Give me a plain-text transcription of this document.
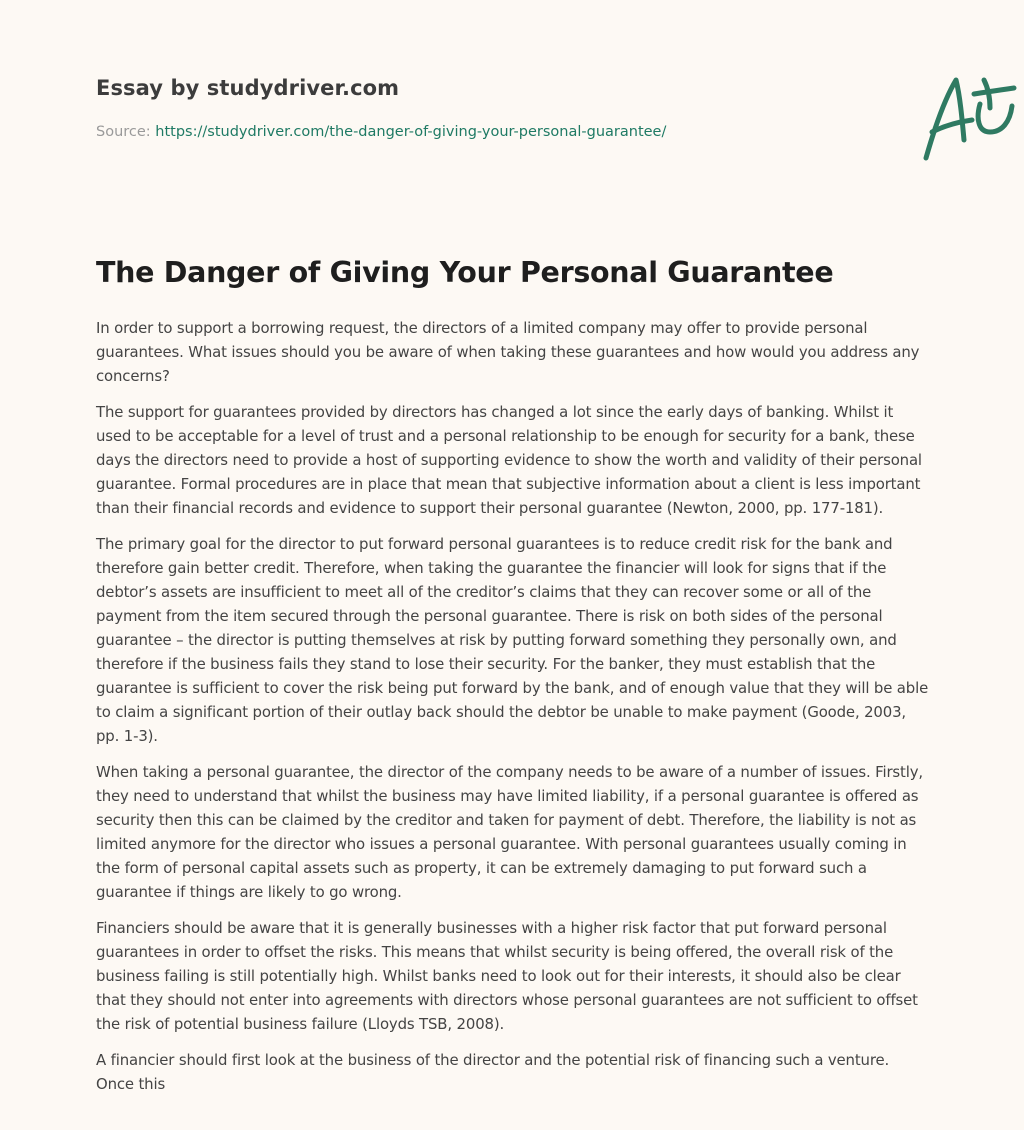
Essay by studydriver.com
Source: https://studydriver.com/the-danger-of-giving-your-personal-guarantee/
The Danger of Giving Your Personal Guarantee

In order to support a borrowing request, the directors of a limited company may offer to provide personal guarantees. What issues should you be aware of when taking these guarantees and how would you address any concerns?

The support for guarantees provided by directors has changed a lot since the early days of banking. Whilst it used to be acceptable for a level of trust and a personal relationship to be enough for security for a bank, these days the directors need to provide a host of supporting evidence to show the worth and validity of their personal guarantee. Formal procedures are in place that mean that subjective information about a client is less important than their financial records and evidence to support their personal guarantee (Newton, 2000, pp. 177-181).

The primary goal for the director to put forward personal guarantees is to reduce credit risk for the bank and therefore gain better credit. Therefore, when taking the guarantee the financier will look for signs that if the debtor’s assets are insufficient to meet all of the creditor’s claims that they can recover some or all of the payment from the item secured through the personal guarantee. There is risk on both sides of the personal guarantee – the director is putting themselves at risk by putting forward something they personally own, and therefore if the business fails they stand to lose their security. For the banker, they must establish that the guarantee is sufficient to cover the risk being put forward by the bank, and of enough value that they will be able to claim a significant portion of their outlay back should the debtor be unable to make payment (Goode, 2003, pp. 1-3).

When taking a personal guarantee, the director of the company needs to be aware of a number of issues. Firstly, they need to understand that whilst the business may have limited liability, if a personal guarantee is offered as security then this can be claimed by the creditor and taken for payment of debt. Therefore, the liability is not as limited anymore for the director who issues a personal guarantee. With personal guarantees usually coming in the form of personal capital assets such as property, it can be extremely damaging to put forward such a guarantee if things are likely to go wrong.

Financiers should be aware that it is generally businesses with a higher risk factor that put forward personal guarantees in order to offset the risks. This means that whilst security is being offered, the overall risk of the business failing is still potentially high. Whilst banks need to look out for their interests, it should also be clear that they should not enter into agreements with directors whose personal guarantees are not sufficient to offset the risk of potential business failure (Lloyds TSB, 2008).

A financier should first look at the business of the director and the potential risk of financing such a venture. Once this
